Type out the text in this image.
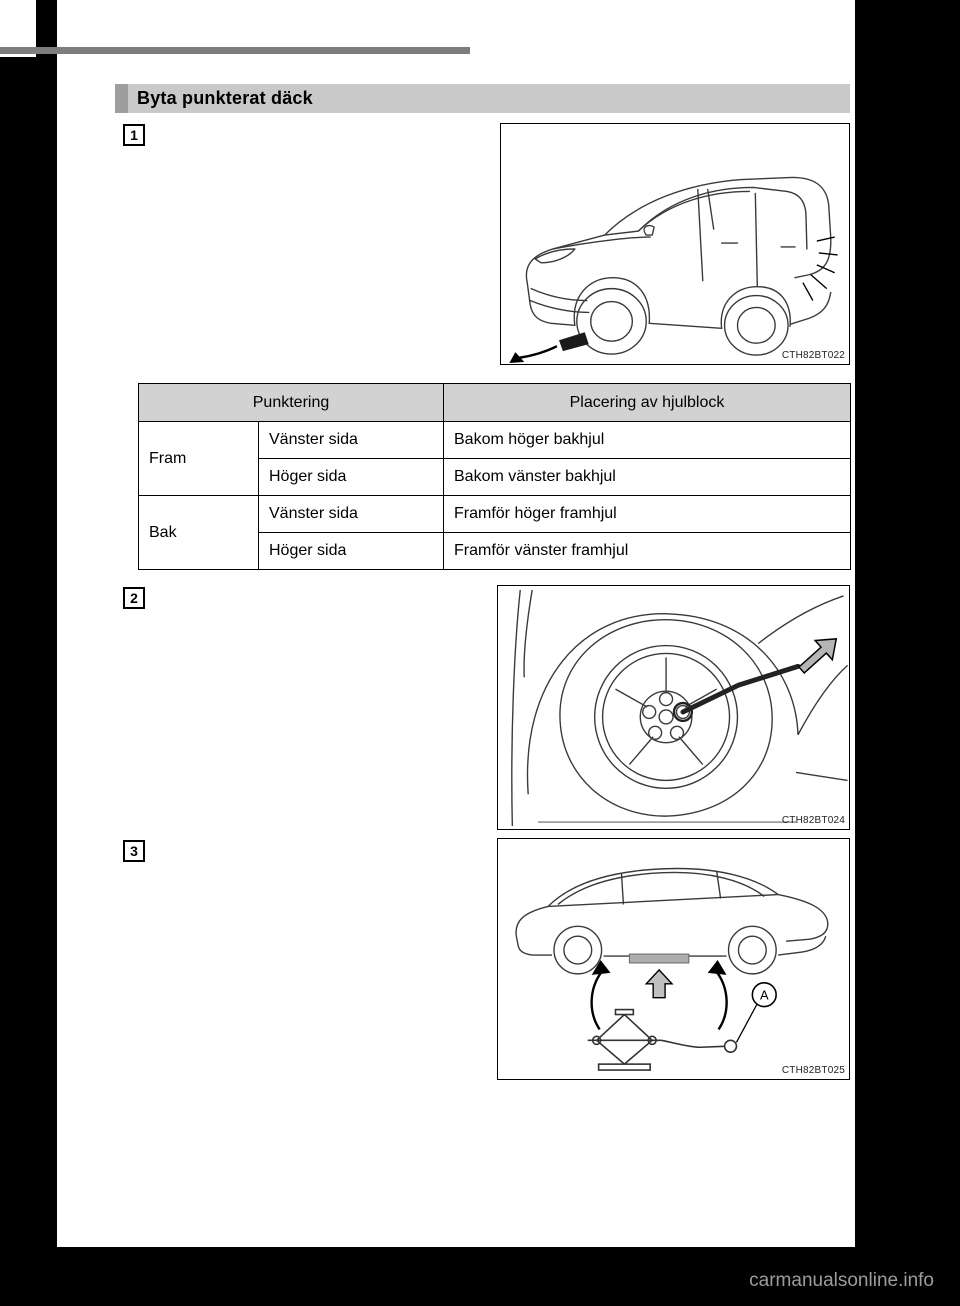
Byta punkterat däck
1
CTH82BT022
Punktering		Placering av hjulblock
Fram	Vänster sida	Bakom höger bakhjul
	Höger sida	Bakom vänster bakhjul
Bak	Vänster sida	Framför höger framhjul
	Höger sida	Framför vänster framhjul
2
CTH82BT024
3
A
CTH82BT025
carmanualsonline.info
